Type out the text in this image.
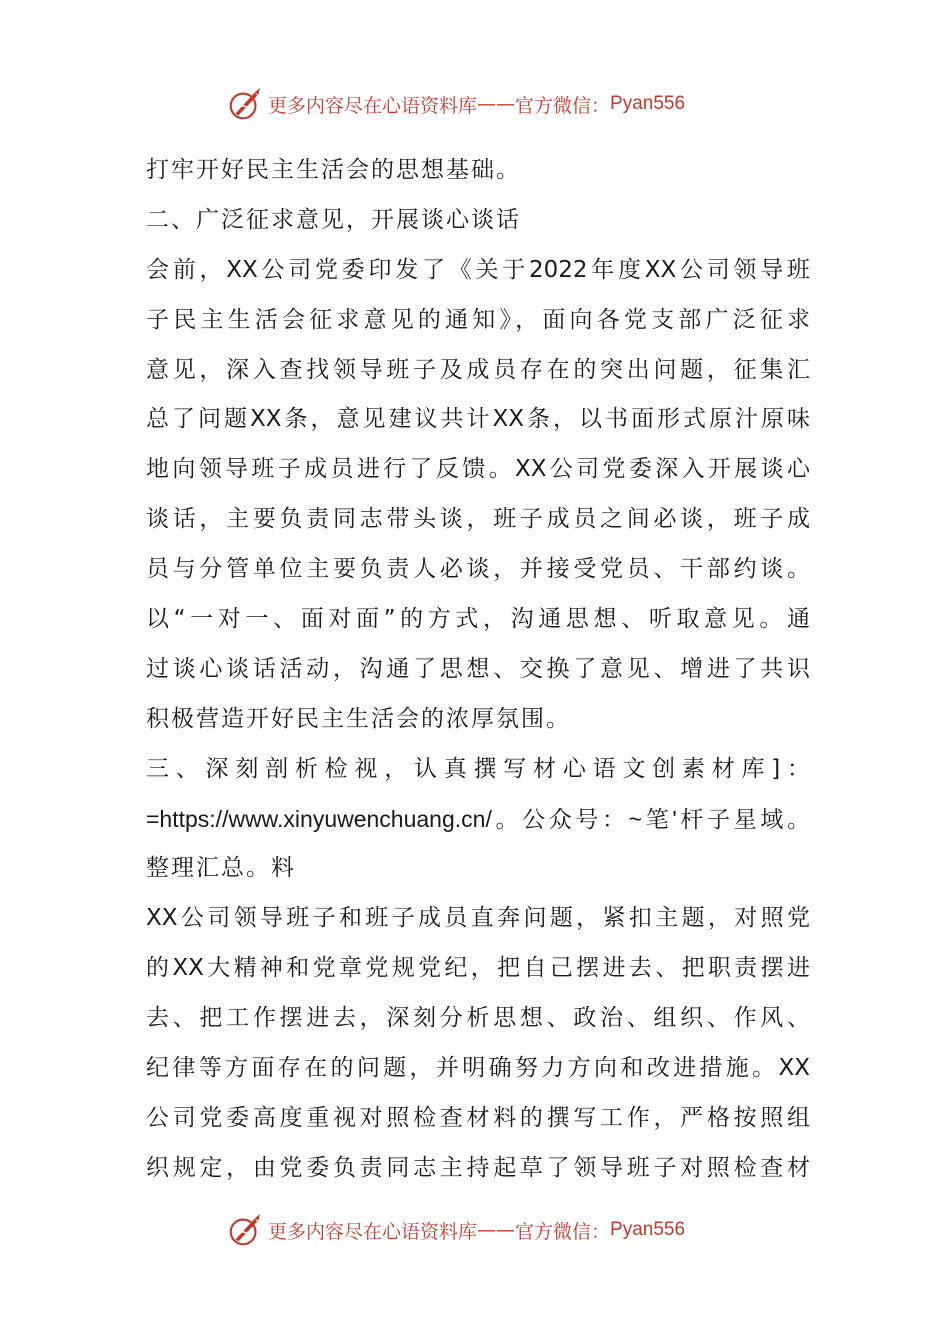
更多内容尽在心语资料库 —— 官方微信： Pyan556
打牢开好民主生活会的思想基础。
二、广泛征求意见，开展谈心谈话
会前，XX公司党委印发了《关于2022年度XX公司领导班
子民主生活会征求意见的通知》，面向各党支部广泛征求
意见，深入查找领导班子及成员存在的突出问题，征集汇
总了问题XX条，意见建议共计XX条，以书面形式原汁原味
地向领导班子成员进行了反馈。XX公司党委深入开展谈心
谈话，主要负责同志带头谈，班子成员之间必谈，班子成
员与分管单位主要负责人必谈，并接受党员、干部约谈。
以“一对一、面对面”的方式，沟通思想、听取意见。通
过谈心谈话活动，沟通了思想、交换了意见、增进了共识
积极营造开好民主生活会的浓厚氛围。
三、深刻剖析检视，认真撰写材心语文创素材库]：
=https://www.xinyuwenchuang.cn/。公众号：~笔'杆子星域。
整理汇总。料
XX公司领导班子和班子成员直奔问题，紧扣主题，对照党
的XX大精神和党章党规党纪，把自己摆进去、把职责摆进
去、把工作摆进去，深刻分析思想、政治、组织、作风、
纪律等方面存在的问题，并明确努力方向和改进措施。XX
公司党委高度重视对照检查材料的撰写工作，严格按照组
织规定，由党委负责同志主持起草了领导班子对照检查材
更多内容尽在心语资料库 —— 官方微信： Pyan556
